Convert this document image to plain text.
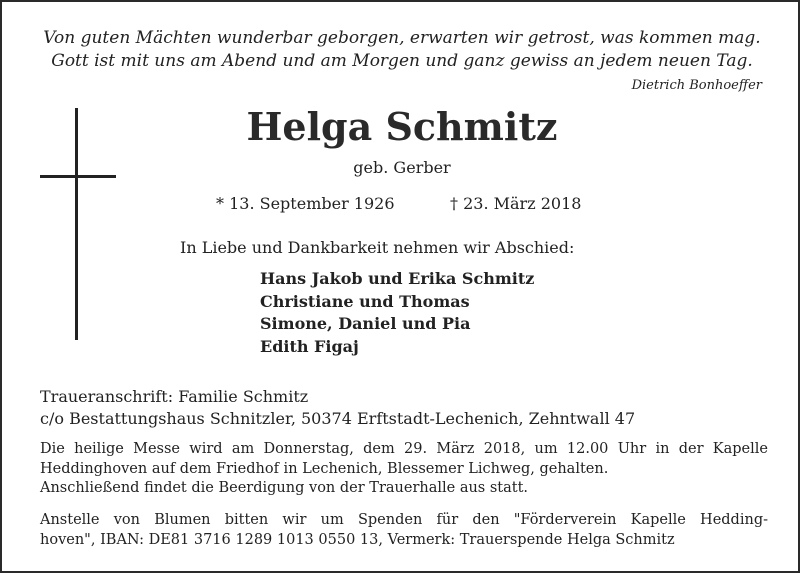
Von guten Mächten wunderbar geborgen, erwarten wir getrost, was kommen mag.
Gott ist mit uns am Abend und am Morgen und ganz gewiss an jedem neuen Tag.
Dietrich Bonhoeffer
Helga Schmitz
geb. Gerber
* 13. September 1926	† 23. März 2018
In Liebe und Dankbarkeit nehmen wir Abschied:
Hans Jakob und Erika Schmitz
Christiane und Thomas
Simone, Daniel und Pia
Edith Figaj
Traueranschrift: Familie Schmitz
c/o Bestattungshaus Schnitzler, 50374 Erftstadt-Lechenich, Zehntwall 47
Die heilige Messe wird am Donnerstag, dem 29. März 2018, um 12.00 Uhr in der Kapelle
Heddinghoven auf dem Friedhof in Lechenich, Blessemer Lichweg, gehalten.
Anschließend findet die Beerdigung von der Trauerhalle aus statt.
Anstelle von Blumen bitten wir um Spenden für den "Förderverein Kapelle Hedding-
hoven", IBAN: DE81 3716 1289 1013 0550 13, Vermerk: Trauerspende Helga Schmitz
